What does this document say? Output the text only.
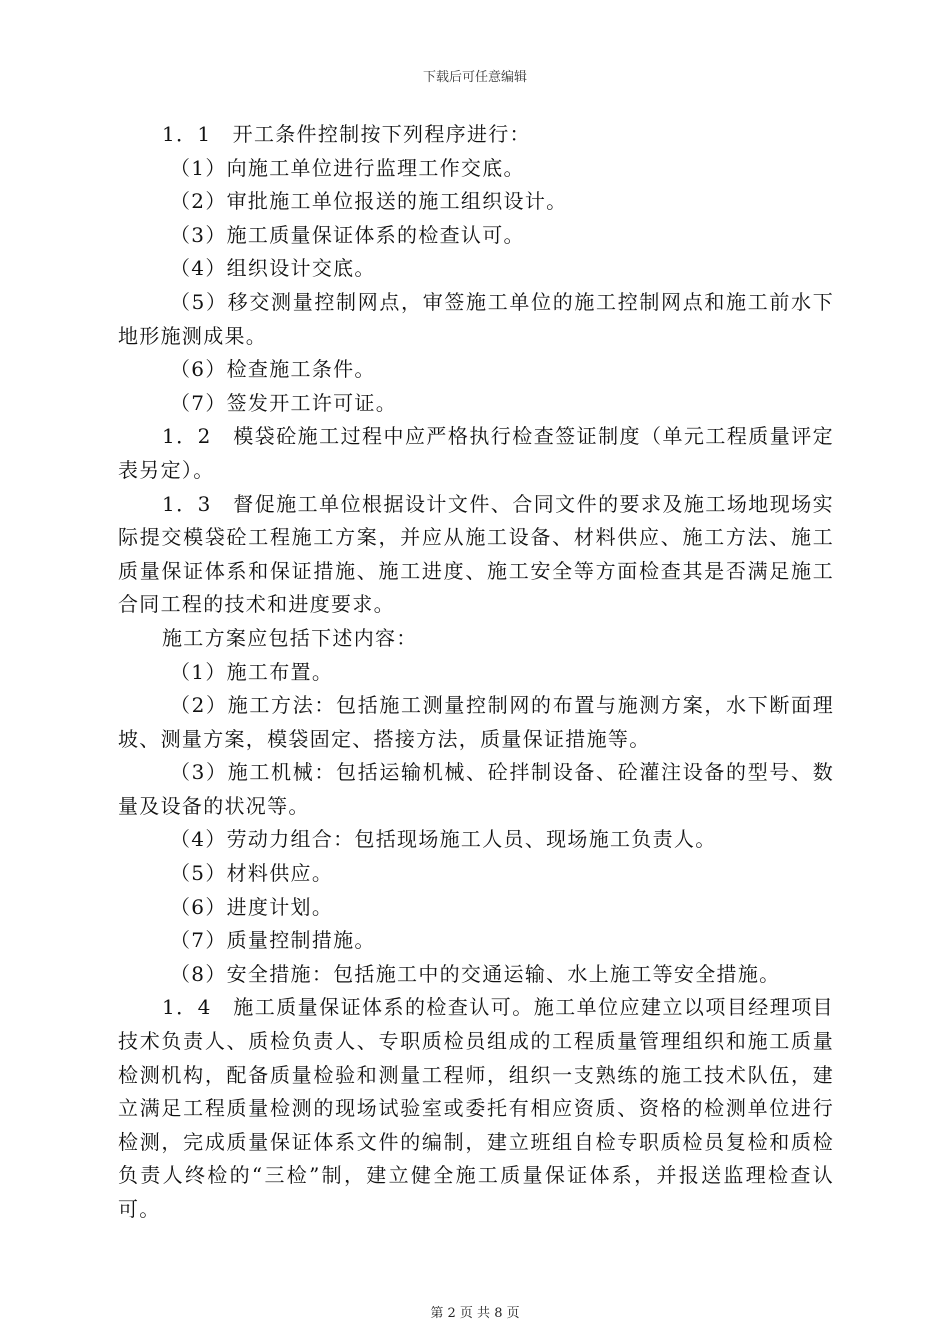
下载后可任意编辑

1．1　开工条件控制按下列程序进行：

（1）向施工单位进行监理工作交底。

（2）审批施工单位报送的施工组织设计。

（3）施工质量保证体系的检查认可。

（4）组织设计交底。

（5）移交测量控制网点，审签施工单位的施工控制网点和施工前水下地形施测成果。

（6）检查施工条件。

（7）签发开工许可证。

1．2　模袋砼施工过程中应严格执行检查签证制度（单元工程质量评定表另定）。

1．3　督促施工单位根据设计文件、合同文件的要求及施工场地现场实际提交模袋砼工程施工方案，并应从施工设备、材料供应、施工方法、施工质量保证体系和保证措施、施工进度、施工安全等方面检查其是否满足施工合同工程的技术和进度要求。

施工方案应包括下述内容：

（1）施工布置。

（2）施工方法：包括施工测量控制网的布置与施测方案，水下断面理坡、测量方案，模袋固定、搭接方法，质量保证措施等。

（3）施工机械：包括运输机械、砼拌制设备、砼灌注设备的型号、数量及设备的状况等。

（4）劳动力组合：包括现场施工人员、现场施工负责人。

（5）材料供应。

（6）进度计划。

（7）质量控制措施。

（8）安全措施：包括施工中的交通运输、水上施工等安全措施。

1．4　施工质量保证体系的检查认可。施工单位应建立以项目经理项目技术负责人、质检负责人、专职质检员组成的工程质量管理组织和施工质量检测机构，配备质量检验和测量工程师，组织一支熟练的施工技术队伍，建立满足工程质量检测的现场试验室或委托有相应资质、资格的检测单位进行检测，完成质量保证体系文件的编制，建立班组自检专职质检员复检和质检负责人终检的“三检”制，建立健全施工质量保证体系，并报送监理检查认可。

第 2 页 共 8 页
